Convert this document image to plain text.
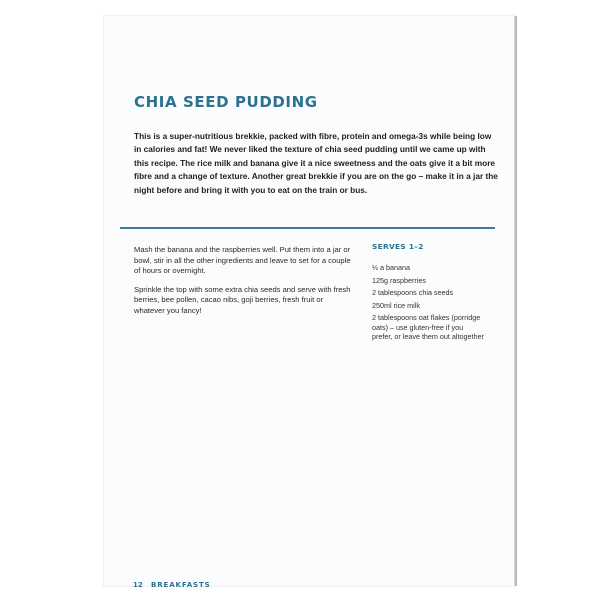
CHIA SEED PUDDING

This is a super-nutritious brekkie, packed with fibre, protein and omega-3s while being low in calories and fat! We never liked the texture of chia seed pudding until we came up with this recipe. The rice milk and banana give it a nice sweetness and the oats give it a bit more fibre and a change of texture. Another great brekkie if you are on the go – make it in a jar the night before and bring it with you to eat on the train or bus.

Mash the banana and the raspberries well. Put them into a jar or bowl, stir in all the other ingredients and leave to set for a couple of hours or overnight.

Sprinkle the top with some extra chia seeds and serve with fresh berries, bee pollen, cacao nibs, goji berries, fresh fruit or whatever you fancy!

SERVES 1–2
½ a banana
125g raspberries
2 tablespoons chia seeds
250ml rice milk
2 tablespoons oat flakes (porridge oats) – use gluten-free if you prefer, or leave them out altogether
12 BREAKFASTS
